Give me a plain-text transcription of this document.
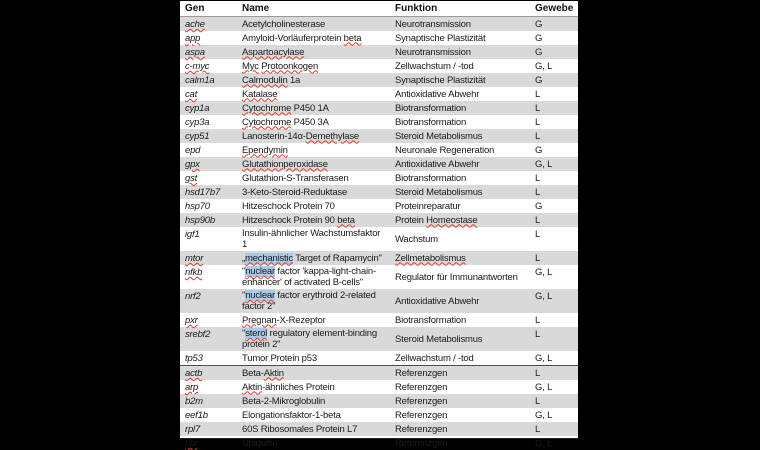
Gen	Name	Funktion	Gewebe
ache	Acetylcholinesterase	Neurotransmission	G
app	Amyloid-Vorläuferprotein beta	Synaptische Plastizität	G
aspa	Aspartoacylase	Neurotransmission	G
c-myc	Myc Protoonkogen	Zellwachstum / -tod	G, L
calm1a	Calmodulin 1a	Synaptische Plastizität	G
cat	Katalase	Antioxidative Abwehr	L
cyp1a	Cytochrome P450 1A	Biotransformation	L
cyp3a	Cytochrome P450 3A	Biotransformation	L
cyp51	Lanosterin-14α-Demethylase	Steroid Metabolismus	L
epd	Ependymin	Neuronale Regeneration	G
gpx	Glutathionperoxidase	Antioxidative Abwehr	G, L
gst	Glutathion-S-Transferasen	Biotransformation	L
hsd17b7	3-Keto-Steroid-Reduktase	Steroid Metabolismus	L
hsp70	Hitzeschock Protein 70	Proteinreparatur	G
hsp90b	Hitzeschock Protein 90 beta	Protein Homeostase	L
igf1	Insulin-ähnlicher Wachstumsfaktor 1	Wachstum	L
mtor	„mechanistic Target of Rapamycin"	Zellmetabolismus	L
nfkb	"nuclear factor 'kappa-light-chain-enhancer' of activated B-cells"	Regulator für Immunantworten	G, L
nrf2	"nuclear factor erythroid 2-related factor 2"	Antioxidative Abwehr	G, L
pxr	Pregnan-X-Rezeptor	Biotransformation	L
srebf2	"sterol regulatory element-binding protein 2"	Steroid Metabolismus	L
tp53	Tumor Protein p53	Zellwachstum / -tod	G, L
actb	Beta-Aktin	Referenzgen	L
arp	Aktin-ähnliches Protein	Referenzgen	G, L
b2m	Beta-2-Mikroglobulin	Referenzgen	L
eef1b	Elongationsfaktor-1-beta	Referenzgen	G, L
rpl7	60S Ribosomales Protein L7	Referenzgen	L
ubi	Ubiquitin	Referenzgen	G, L
